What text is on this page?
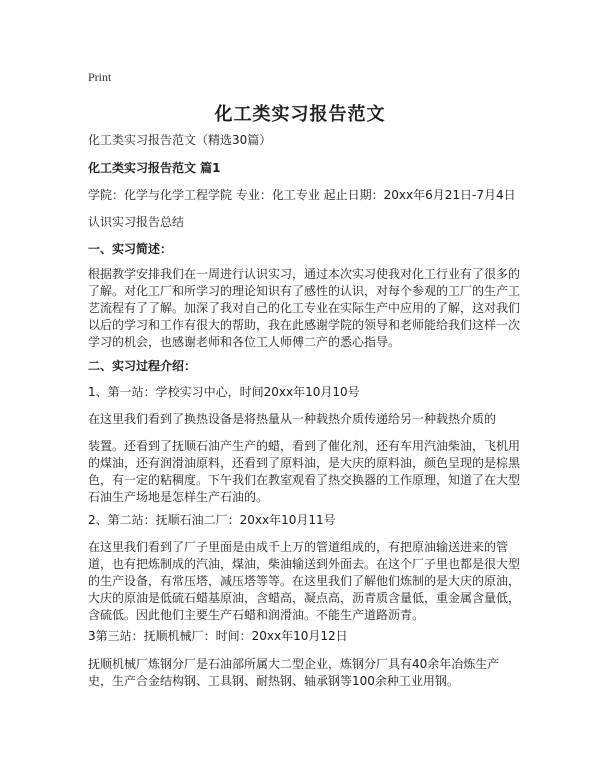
Print
化工类实习报告范文
化工类实习报告范文（精选30篇）
化工类实习报告范文 篇1
学院：化学与化学工程学院 专业：化工专业 起止日期：20xx年6月21日-7月4日
认识实习报告总结
一、实习简述：
根据教学安排我们在一周进行认识实习，通过本次实习使我对化工行业有了很多的了解。对化工厂和所学习的理论知识有了感性的认识，对每个参观的工厂的生产工艺流程有了了解。加深了我对自己的化工专业在实际生产中应用的了解，这对我们以后的学习和工作有很大的帮助，我在此感谢学院的领导和老师能给我们这样一次学习的机会，也感谢老师和各位工人师傅二产的悉心指导。
二、实习过程介绍：
1、第一站：学校实习中心，时间20xx年10月10号
在这里我们看到了换热设备是将热量从一种载热介质传递给另一种载热介质的
装置。还看到了抚顺石油产生产的蜡，看到了催化剂，还有车用汽油柴油，飞机用的煤油，还有润滑油原料，还看到了原料油，是大庆的原料油，颜色呈现的是棕黑色，有一定的粘稠度。下午我们在教室观看了热交换器的工作原理，知道了在大型石油生产场地是怎样生产石油的。
2、第二站：抚顺石油二厂：20xx年10月11号
在这里我们看到了厂子里面是由成千上万的管道组成的，有把原油输送进来的管道，也有把炼制成的汽油，煤油，柴油输送到外面去。在这个厂子里也都是很大型的生产设备，有常压塔，减压塔等等。在这里我们了解他们炼制的是大庆的原油，大庆的原油是低硫石蜡基原油，含蜡高，凝点高，沥青质含量低，重金属含量低，含硫低。因此他们主要生产石蜡和润滑油。不能生产道路沥青。
3第三站：抚顺机械厂：时间：20xx年10月12日
抚顺机械厂炼钢分厂是石油部所属大二型企业，炼钢分厂具有40余年冶炼生产史，生产合金结构钢、工具钢、耐热钢、轴承钢等100余种工业用钢。
